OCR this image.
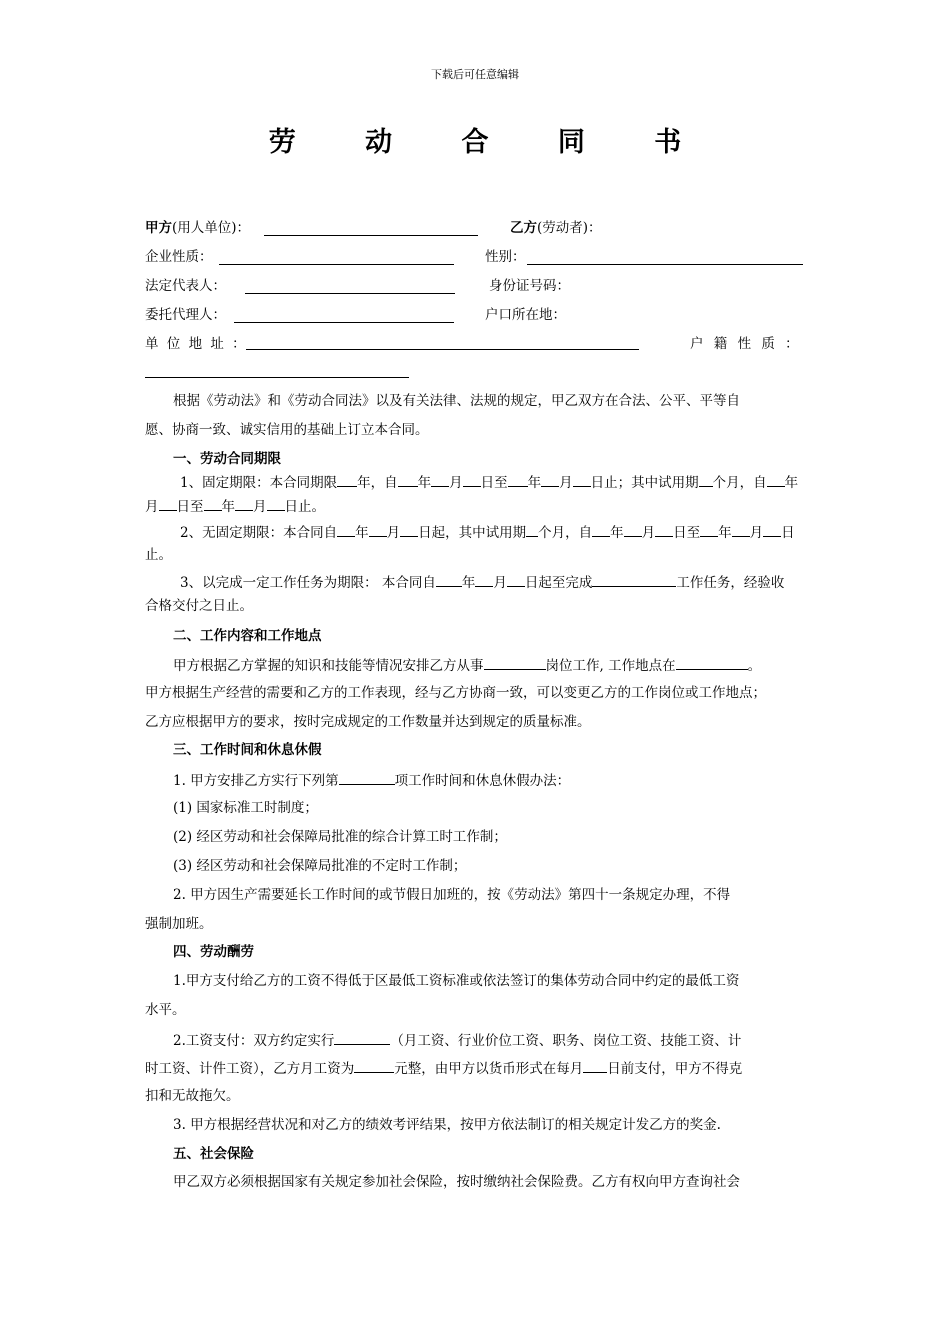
下载后可任意编辑
劳 动 合 同 书
甲方(用人单位)：	乙方(劳动者)：
企业性质：	性别：
法定代表人：	身份证号码：
委托代理人：	户口所在地：
单 位 地 址 ：	户 籍 性 质 ：
根据《劳动法》和《劳动合同法》以及有关法律、法规的规定，甲乙双方在合法、公平、平等自
愿、协商一致、诚实信用的基础上订立本合同。
一、劳动合同期限
1、固定期限：本合同期限 年，自 年 月 日至 年 月 日止；其中试用期 个月，自 年
月 日至 年 月 日止。
2、无固定期限：本合同自 年 月 日起，其中试用期 个月，自 年 月 日至 年 月 日
止。
3、以完成一定工作任务为期限： 本合同自 年 月 日起至完成	工作任务，经验收
合格交付之日止。
二、工作内容和工作地点
甲方根据乙方掌握的知识和技能等情况安排乙方从事	岗位工作, 工作地点在	。
甲方根据生产经营的需要和乙方的工作表现，经与乙方协商一致，可以变更乙方的工作岗位或工作地点；
乙方应根据甲方的要求，按时完成规定的工作数量并达到规定的质量标准。
三、工作时间和休息休假
1. 甲方安排乙方实行下列第	项工作时间和休息休假办法：
(1) 国家标准工时制度；
(2) 经区劳动和社会保障局批准的综合计算工时工作制；
(3) 经区劳动和社会保障局批准的不定时工作制；
2. 甲方因生产需要延长工作时间的或节假日加班的，按《劳动法》第四十一条规定办理，不得
强制加班。
四、劳动酬劳
1.甲方支付给乙方的工资不得低于区最低工资标准或依法签订的集体劳动合同中约定的最低工资
水平。
2.工资支付：双方约定实行	（月工资、行业价位工资、职务、岗位工资、技能工资、计
时工资、计件工资），乙方月工资为	元整，由甲方以货币形式在每月 日前支付，甲方不得克
扣和无故拖欠。
3. 甲方根据经营状况和对乙方的绩效考评结果，按甲方依法制订的相关规定计发乙方的奖金.
五、社会保险
甲乙双方必须根据国家有关规定参加社会保险，按时缴纳社会保险费。乙方有权向甲方查询社会
